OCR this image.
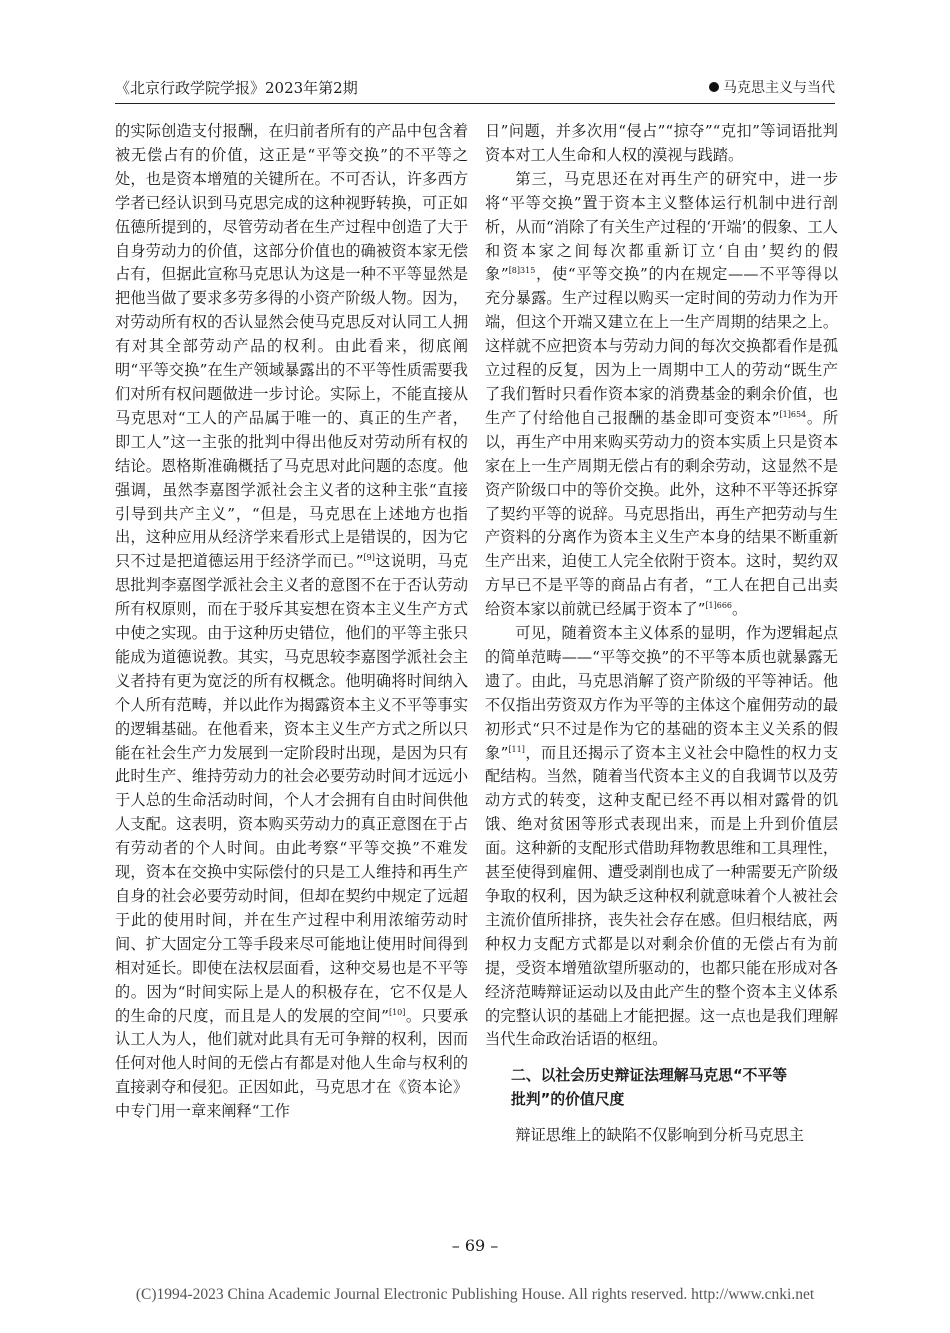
《北京行政学院学报》2023年第2期	马克思主义与当代

的实际创造支付报酬，在归前者所有的产品中包含着被无偿占有的价值，这正是“平等交换”的不平等之处，也是资本增殖的关键所在。不可否认，许多西方学者已经认识到马克思完成的这种视野转换，可正如伍德所提到的，尽管劳动者在生产过程中创造了大于自身劳动力的价值，这部分价值也的确被资本家无偿占有，但据此宣称马克思认为这是一种不平等显然是把他当做了要求多劳多得的小资产阶级人物。因为，对劳动所有权的否认显然会使马克思反对认同工人拥有对其全部劳动产品的权利。由此看来，彻底阐明“平等交换”在生产领域暴露出的不平等性质需要我们对所有权问题做进一步讨论。实际上，不能直接从马克思对“工人的产品属于唯一的、真正的生产者，即工人”这一主张的批判中得出他反对劳动所有权的结论。恩格斯准确概括了马克思对此问题的态度。他强调，虽然李嘉图学派社会主义者的这种主张“直接引导到共产主义”，“但是，马克思在上述地方也指出，这种应用从经济学来看形式上是错误的，因为它只不过是把道德运用于经济学而已。”[9]这说明，马克思批判李嘉图学派社会主义者的意图不在于否认劳动所有权原则，而在于驳斥其妄想在资本主义生产方式中使之实现。由于这种历史错位，他们的平等主张只能成为道德说教。其实，马克思较李嘉图学派社会主义者持有更为宽泛的所有权概念。他明确将时间纳入个人所有范畴，并以此作为揭露资本主义不平等事实的逻辑基础。在他看来，资本主义生产方式之所以只能在社会生产力发展到一定阶段时出现，是因为只有此时生产、维持劳动力的社会必要劳动时间才远远小于人总的生命活动时间，个人才会拥有自由时间供他人支配。这表明，资本购买劳动力的真正意图在于占有劳动者的个人时间。由此考察“平等交换”不难发现，资本在交换中实际偿付的只是工人维持和再生产自身的社会必要劳动时间，但却在契约中规定了远超于此的使用时间，并在生产过程中利用浓缩劳动时间、扩大固定分工等手段来尽可能地让使用时间得到相对延长。即使在法权层面看，这种交易也是不平等的。因为“时间实际上是人的积极存在，它不仅是人的生命的尺度，而且是人的发展的空间”[10]。只要承认工人为人，他们就对此具有无可争辩的权利，因而任何对他人时间的无偿占有都是对他人生命与权利的直接剥夺和侵犯。正因如此，马克思才在《资本论》中专门用一章来阐释“工作

日”问题，并多次用“侵占”“掠夺”“克扣”等词语批判资本对工人生命和人权的漠视与践踏。

第三，马克思还在对再生产的研究中，进一步将“平等交换”置于资本主义整体运行机制中进行剖析，从而“消除了有关生产过程的‘开端’的假象、工人和资本家之间每次都重新订立‘自由’契约的假象”$^{[8]315}$，使“平等交换”的内在规定——不平等得以充分暴露。生产过程以购买一定时间的劳动力作为开端，但这个开端又建立在上一生产周期的结果之上。这样就不应把资本与劳动力间的每次交换都看作是孤立过程的反复，因为上一周期中工人的劳动“既生产了我们暂时只看作资本家的消费基金的剩余价值，也生产了付给他自己报酬的基金即可变资本”$^{[1]654}$。所以，再生产中用来购买劳动力的资本实质上只是资本家在上一生产周期无偿占有的剩余劳动，这显然不是资产阶级口中的等价交换。此外，这种不平等还拆穿了契约平等的说辞。马克思指出，再生产把劳动与生产资料的分离作为资本主义生产本身的结果不断重新生产出来，迫使工人完全依附于资本。这时，契约双方早已不是平等的商品占有者，“工人在把自己出卖给资本家以前就已经属于资本了”$^{[1]666}$。

可见，随着资本主义体系的显明，作为逻辑起点的简单范畴——“平等交换”的不平等本质也就暴露无遗了。由此，马克思消解了资产阶级的平等神话。他不仅指出劳资双方作为平等的主体这个雇佣劳动的最初形式“只不过是作为它的基础的资本主义关系的假象”[11]，而且还揭示了资本主义社会中隐性的权力支配结构。当然，随着当代资本主义的自我调节以及劳动方式的转变，这种支配已经不再以相对露骨的饥饿、绝对贫困等形式表现出来，而是上升到价值层面。这种新的支配形式借助拜物教思维和工具理性，甚至使得到雇佣、遭受剥削也成了一种需要无产阶级争取的权利，因为缺乏这种权利就意味着个人被社会主流价值所排挤，丧失社会存在感。但归根结底，两种权力支配方式都是以对剩余价值的无偿占有为前提，受资本增殖欲望所驱动的，也都只能在形成对各经济范畴辩证运动以及由此产生的整个资本主义体系的完整认识的基础上才能把握。这一点也是我们理解当代生命政治话语的枢纽。

二、以社会历史辩证法理解马克思“不平等
批判”的价值尺度

辩证思维上的缺陷不仅影响到分析马克思主

– 69 –
(C)1994-2023 China Academic Journal Electronic Publishing House. All rights reserved. http://www.cnki.net
